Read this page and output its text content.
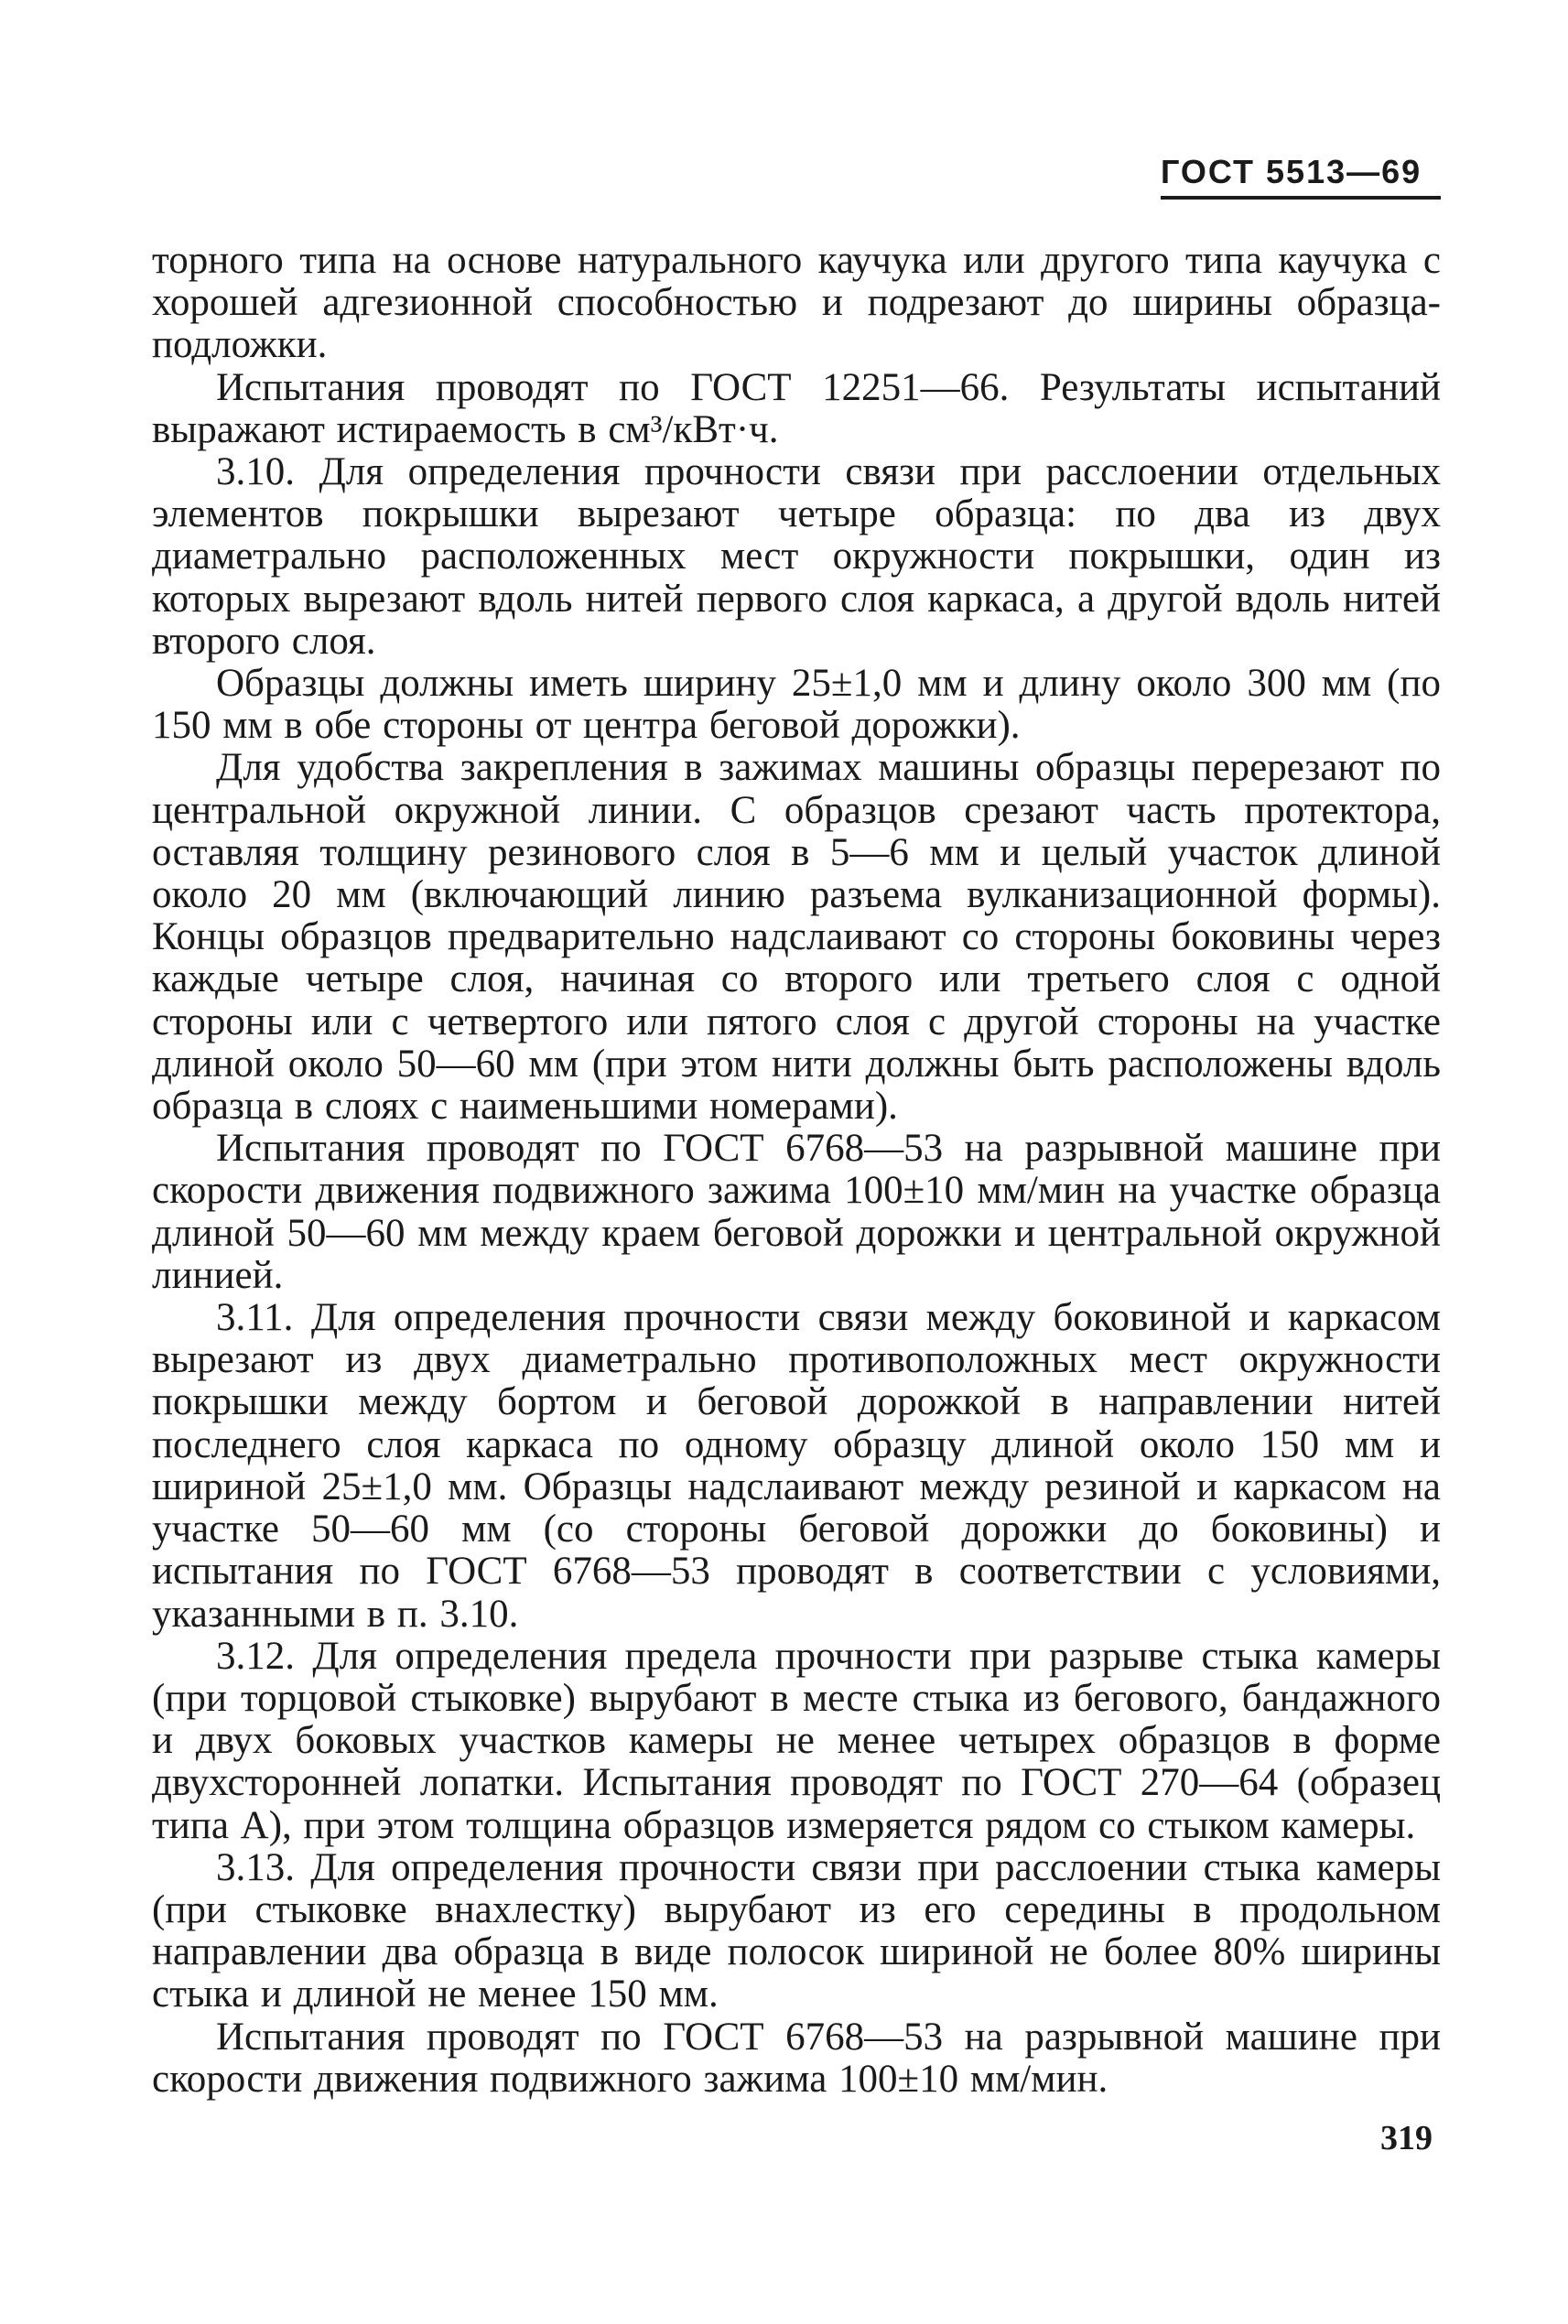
ГОСТ 5513—69

торного типа на основе натурального каучука или другого типа каучука с хорошей адгезионной способностью и подрезают до ширины образца-подложки.

Испытания проводят по ГОСТ 12251—66. Результаты испытаний выражают истираемость в см³/кВт·ч.

3.10. Для определения прочности связи при расслоении отдельных элементов покрышки вырезают четыре образца: по два из двух диаметрально расположенных мест окружности покрышки, один из которых вырезают вдоль нитей первого слоя каркаса, а другой вдоль нитей второго слоя.

Образцы должны иметь ширину 25±1,0 мм и длину около 300 мм (по 150 мм в обе стороны от центра беговой дорожки).

Для удобства закрепления в зажимах машины образцы перерезают по центральной окружной линии. С образцов срезают часть протектора, оставляя толщину резинового слоя в 5—6 мм и целый участок длиной около 20 мм (включающий линию разъема вулканизационной формы). Концы образцов предварительно надслаивают со стороны боковины через каждые четыре слоя, начиная со второго или третьего слоя с одной стороны или с четвертого или пятого слоя с другой стороны на участке длиной около 50—60 мм (при этом нити должны быть расположены вдоль образца в слоях с наименьшими номерами).

Испытания проводят по ГОСТ 6768—53 на разрывной машине при скорости движения подвижного зажима 100±10 мм/мин на участке образца длиной 50—60 мм между краем беговой дорожки и центральной окружной линией.

3.11. Для определения прочности связи между боковиной и каркасом вырезают из двух диаметрально противоположных мест окружности покрышки между бортом и беговой дорожкой в направлении нитей последнего слоя каркаса по одному образцу длиной около 150 мм и шириной 25±1,0 мм. Образцы надслаивают между резиной и каркасом на участке 50—60 мм (со стороны беговой дорожки до боковины) и испытания по ГОСТ 6768—53 проводят в соответствии с условиями, указанными в п. 3.10.

3.12. Для определения предела прочности при разрыве стыка камеры (при торцовой стыковке) вырубают в месте стыка из бегового, бандажного и двух боковых участков камеры не менее четырех образцов в форме двухсторонней лопатки. Испытания проводят по ГОСТ 270—64 (образец типа А), при этом толщина образцов измеряется рядом со стыком камеры.

3.13. Для определения прочности связи при расслоении стыка камеры (при стыковке внахлестку) вырубают из его середины в продольном направлении два образца в виде полосок шириной не более 80% ширины стыка и длиной не менее 150 мм.

Испытания проводят по ГОСТ 6768—53 на разрывной машине при скорости движения подвижного зажима 100±10 мм/мин.

319
